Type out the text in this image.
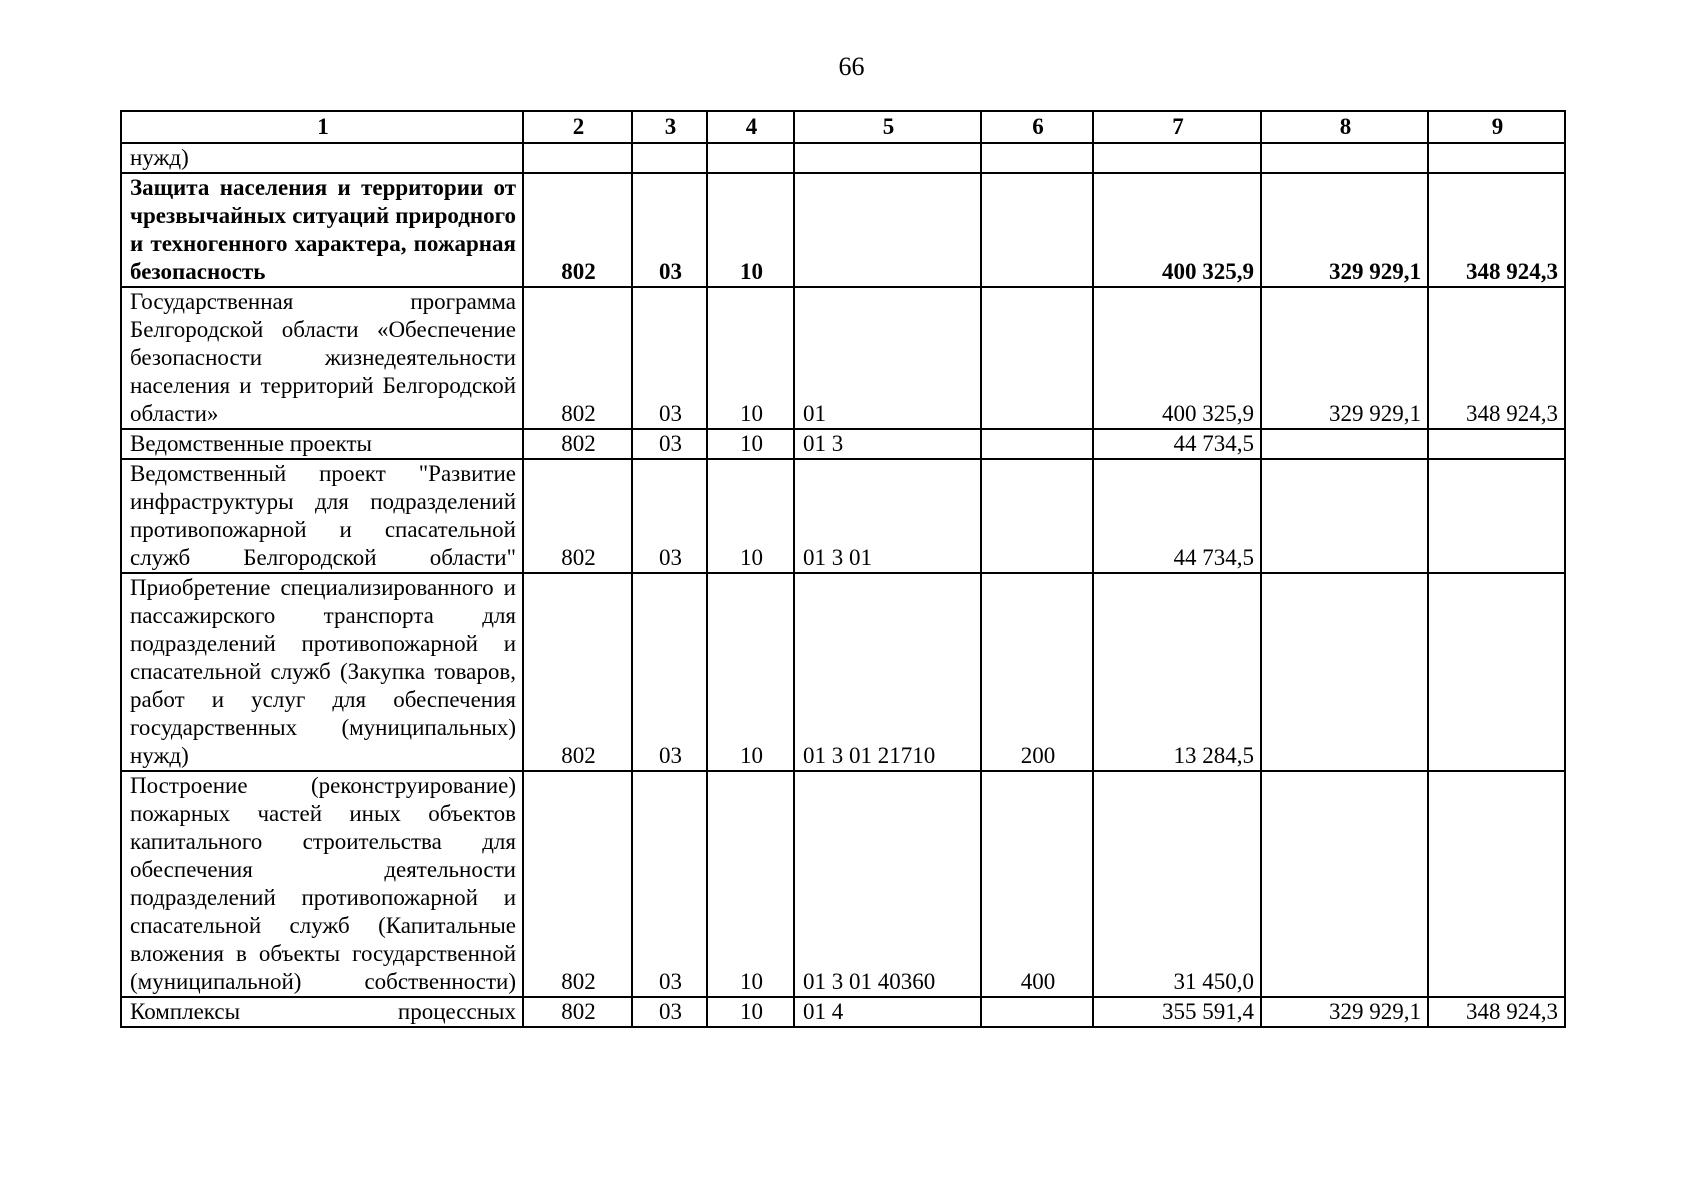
66
1	2	3	4	5	6	7	8	9
нужд)								
Защита населения и территории от чрезвычайных ситуаций природного и техногенного характера, пожарная безопасность	802	03	10			400 325,9	329 929,1	348 924,3
Государственная программа Белгородской области «Обеспечение безопасности жизнедеятельности населения и территорий Белгородской области»	802	03	10	01		400 325,9	329 929,1	348 924,3
Ведомственные проекты	802	03	10	01 3		44 734,5		
Ведомственный проект "Развитие инфраструктуры для подразделений противопожарной и спасательной служб Белгородской области"	802	03	10	01 3 01		44 734,5		
Приобретение специализированного и пассажирского транспорта для подразделений противопожарной и спасательной служб (Закупка товаров, работ и услуг для обеспечения государственных (муниципальных) нужд)	802	03	10	01 3 01 21710	200	13 284,5		
Построение (реконструирование) пожарных частей иных объектов капитального строительства для обеспечения деятельности подразделений противопожарной и спасательной служб (Капитальные вложения в объекты государственной (муниципальной) собственности)	802	03	10	01 3 01 40360	400	31 450,0		
Комплексы процессных	802	03	10	01 4		355 591,4	329 929,1	348 924,3
